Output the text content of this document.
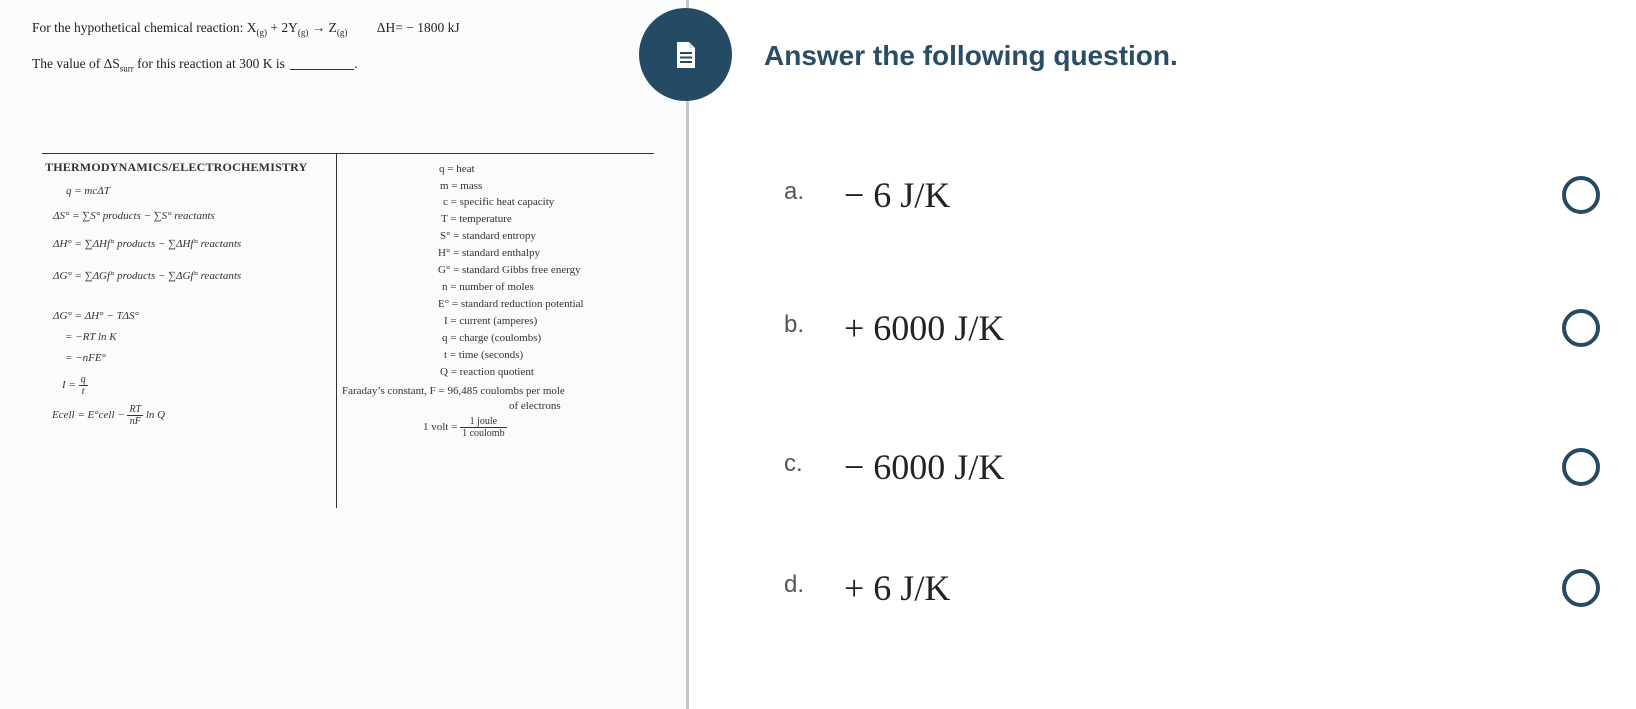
For the hypothetical chemical reaction: $X_{(g)} + 2Y_{(g)} \to Z_{(g)}$ ΔH= − 1800 kJ
The value of $\Delta S_{surr}$ for this reaction at 300 K is	.
THERMODYNAMICS/ELECTROCHEMISTRY
q = mcΔT
ΔS° = ∑S° products − ∑S° reactants
ΔH° = ∑ΔHf° products − ∑ΔHf° reactants
ΔG° = ∑ΔGf° products − ∑ΔGf° reactants
ΔG° = ΔH° − TΔS°
= −RT ln K
= −nFE°
$I = \frac{q}{t}$
Ecell = E°cell − $\frac{RT}{nF}$ ln Q
q = heat
m = mass
c = specific heat capacity
T = temperature
S° = standard entropy
H° = standard enthalpy
G° = standard Gibbs free energy
n = number of moles
E° = standard reduction potential
I = current (amperes)
q = charge (coulombs)
t = time (seconds)
Q = reaction quotient
Faraday’s constant, F = 96,485 coulombs per mole
of electrons
1 volt = $\frac{\text{1 joule}}{\text{1 coulomb}}$
Answer the following question.
a. − 6 J/K
b. + 6000 J/K
c. − 6000 J/K
d. + 6 J/K
